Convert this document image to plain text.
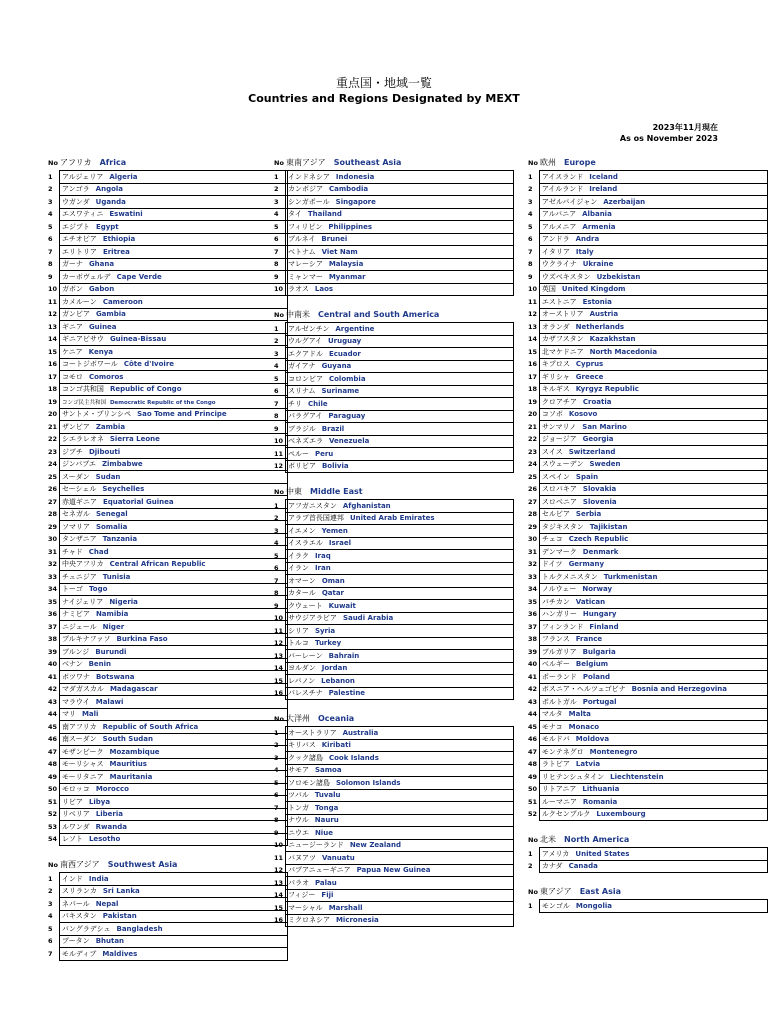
重点国・地域一覧
Countries and Regions Designated by MEXT
2023年11月現在
As os November 2023
No アフリカ Africa
1	アルジェリア Algeria
2	アンゴラ Angola
3	ウガンダ Uganda
4	エスワティニ Eswatini
5	エジプト Egypt
6	エチオピア Ethiopia
7	エリトリア Eritrea
8	ガーナ Ghana
9	カーボヴェルデ Cape Verde
10	ガボン Gabon
11	カメルーン Cameroon
12	ガンビア Gambia
13	ギニア Guinea
14	ギニアビサウ Guinea-Bissau
15	ケニア Kenya
16	コートジボワール Côte d'Ivoire
17	コモロ Comoros
18	コンゴ共和国 Republic of Congo
19	コンゴ民主共和国 Democratic Republic of the Congo
20	サントメ・プリンシペ Sao Tome and Principe
21	ザンビア Zambia
22	シエラレオネ Sierra Leone
23	ジブチ Djibouti
24	ジンバブエ Zimbabwe
25	スーダン Sudan
26	セーシェル Seychelles
27	赤道ギニア Equatorial Guinea
28	セネガル Senegal
29	ソマリア Somalia
30	タンザニア Tanzania
31	チャド Chad
32	中央アフリカ Central African Republic
33	チュニジア Tunisia
34	トーゴ Togo
35	ナイジェリア Nigeria
36	ナミビア Namibia
37	ニジェール Niger
38	ブルキナファソ Burkina Faso
39	ブルンジ Burundi
40	ベナン Benin
41	ボツワナ Botswana
42	マダガスカル Madagascar
43	マラウイ Malawi
44	マリ Mali
45	南アフリカ Republic of South Africa
46	南スーダン South Sudan
47	モザンビーク Mozambique
48	モーリシャス Mauritius
49	モーリタニア Mauritania
50	モロッコ Morocco
51	リビア Libya
52	リベリア Liberia
53	ルワンダ Rwanda
54	レソト Lesotho
No 南西アジア Southwest Asia
1	インド India
2	スリランカ Sri Lanka
3	ネパール Nepal
4	パキスタン Pakistan
5	バングラデシュ Bangladesh
6	ブータン Bhutan
7	モルディブ Maldives
No 東南アジア Southeast Asia
1	インドネシア Indonesia
2	カンボジア Cambodia
3	シンガポール Singapore
4	タイ Thailand
5	フィリピン Philippines
6	ブルネイ Brunei
7	ベトナム Viet Nam
8	マレーシア Malaysia
9	ミャンマー Myanmar
10	ラオス Laos
No 中南米 Central and South America
1	アルゼンチン Argentine
2	ウルグアイ Uruguay
3	エクアドル Ecuador
4	ガイアナ Guyana
5	コロンビア Colombia
6	スリナム Suriname
7	チリ Chile
8	パラグアイ Paraguay
9	ブラジル Brazil
10	ベネズエラ Venezuela
11	ペルー Peru
12	ボリビア Bolivia
No 中東 Middle East
1	アフガニスタン Afghanistan
2	アラブ首長国連邦 United Arab Emirates
3	イエメン Yemen
4	イスラエル Israel
5	イラク Iraq
6	イラン Iran
7	オマーン Oman
8	カタール Qatar
9	クウェート Kuwait
10	サウジアラビア Saudi Arabia
11	シリア Syria
12	トルコ Turkey
13	バーレーン Bahrain
14	ヨルダン Jordan
15	レバノン Lebanon
16	パレスチナ Palestine
No 大洋州 Oceania
1	オーストラリア Australia
2	キリバス Kiribati
3	クック諸島 Cook Islands
4	サモア Samoa
5	ソロモン諸島 Solomon Islands
6	ツバル Tuvalu
7	トンガ Tonga
8	ナウル Nauru
9	ニウエ Niue
10	ニュージーランド New Zealand
11	バヌアツ Vanuatu
12	パプアニューギニア Papua New Guinea
13	パラオ Palau
14	フィジー Fiji
15	マーシャル Marshall
16	ミクロネシア Micronesia
No 欧州 Europe
1	アイスランド Iceland
2	アイルランド Ireland
3	アゼルバイジャン Azerbaijan
4	アルバニア Albania
5	アルメニア Armenia
6	アンドラ Andra
7	イタリア Italy
8	ウクライナ Ukraine
9	ウズベキスタン Uzbekistan
10	英国 United Kingdom
11	エストニア Estonia
12	オーストリア Austria
13	オランダ Netherlands
14	カザフスタン Kazakhstan
15	北マケドニア North Macedonia
16	キプロス Cyprus
17	ギリシャ Greece
18	キルギス Kyrgyz Republic
19	クロアチア Croatia
20	コソボ Kosovo
21	サンマリノ San Marino
22	ジョージア Georgia
23	スイス Switzerland
24	スウェーデン Sweden
25	スペイン Spain
26	スロバキア Slovakia
27	スロベニア Slovenia
28	セルビア Serbia
29	タジキスタン Tajikistan
30	チェコ Czech Republic
31	デンマーク Denmark
32	ドイツ Germany
33	トルクメニスタン Turkmenistan
34	ノルウェー Norway
35	バチカン Vatican
36	ハンガリー Hungary
37	フィンランド Finland
38	フランス France
39	ブルガリア Bulgaria
40	ベルギー Belgium
41	ポーランド Poland
42	ボスニア・ヘルツェゴビナ Bosnia and Herzegovina
43	ポルトガル Portugal
44	マルタ Malta
45	モナコ Monaco
46	モルドバ Moldova
47	モンテネグロ Montenegro
48	ラトビア Latvia
49	リヒテンシュタイン Liechtenstein
50	リトアニア Lithuania
51	ルーマニア Romania
52	ルクセンブルク Luxembourg
No 北米 North America
1	アメリカ United States
2	カナダ Canada
No 東アジア East Asia
1	モンゴル Mongolia
